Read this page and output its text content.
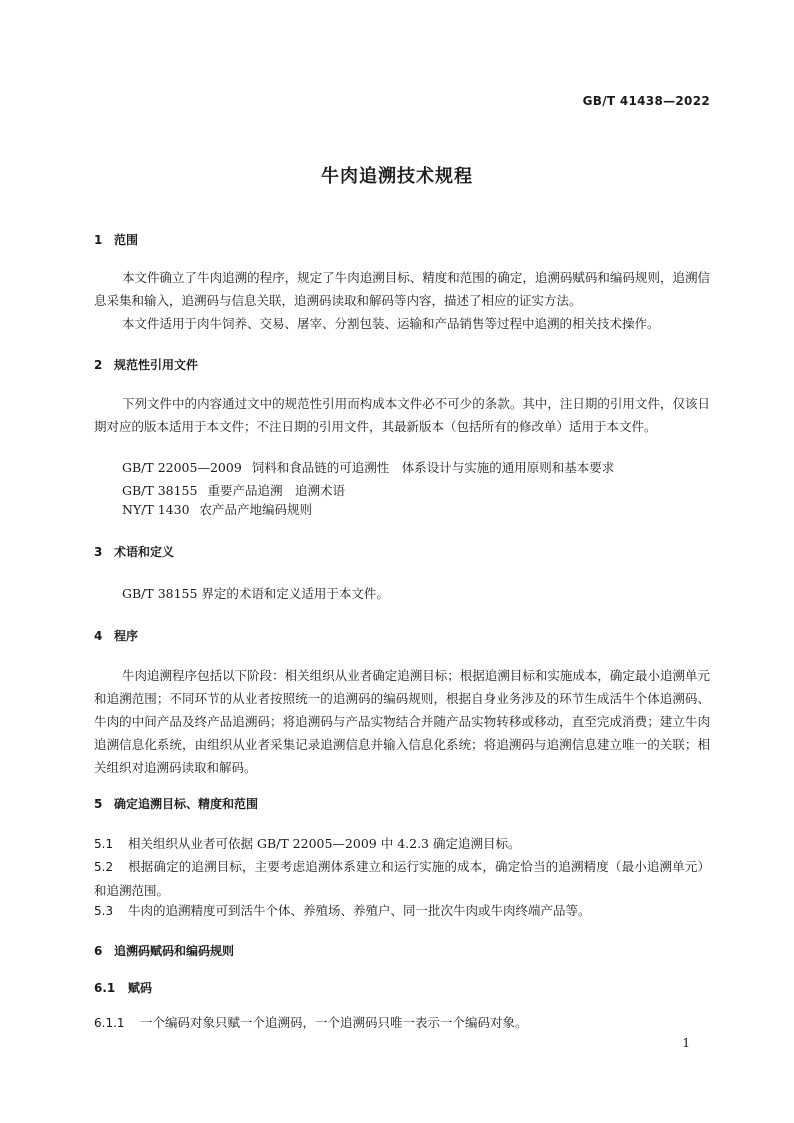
GB/T 41438—2022
牛肉追溯技术规程
1 范围
本文件确立了牛肉追溯的程序，规定了牛肉追溯目标、精度和范围的确定，追溯码赋码和编码规则，追溯信息采集和输入，追溯码与信息关联，追溯码读取和解码等内容，描述了相应的证实方法。
本文件适用于肉牛饲养、交易、屠宰、分割包装、运输和产品销售等过程中追溯的相关技术操作。
2 规范性引用文件
下列文件中的内容通过文中的规范性引用而构成本文件必不可少的条款。其中，注日期的引用文件，仅该日期对应的版本适用于本文件；不注日期的引用文件，其最新版本（包括所有的修改单）适用于本文件。
GB/T 22005—2009 饲料和食品链的可追溯性　体系设计与实施的通用原则和基本要求
GB/T 38155 重要产品追溯　追溯术语
NY/T 1430 农产品产地编码规则
3 术语和定义
GB/T 38155 界定的术语和定义适用于本文件。
4 程序
牛肉追溯程序包括以下阶段：相关组织从业者确定追溯目标；根据追溯目标和实施成本，确定最小追溯单元和追溯范围；不同环节的从业者按照统一的追溯码的编码规则，根据自身业务涉及的环节生成活牛个体追溯码、牛肉的中间产品及终产品追溯码；将追溯码与产品实物结合并随产品实物转移或移动，直至完成消费；建立牛肉追溯信息化系统，由组织从业者采集记录追溯信息并输入信息化系统；将追溯码与追溯信息建立唯一的关联；相关组织对追溯码读取和解码。
5 确定追溯目标、精度和范围
5.1 相关组织从业者可依据 GB/T 22005—2009 中 4.2.3 确定追溯目标。
5.2 根据确定的追溯目标，主要考虑追溯体系建立和运行实施的成本，确定恰当的追溯精度（最小追溯单元）和追溯范围。
5.3 牛肉的追溯精度可到活牛个体、养殖场、养殖户、同一批次牛肉或牛肉终端产品等。
6 追溯码赋码和编码规则
6.1 赋码
6.1.1 一个编码对象只赋一个追溯码，一个追溯码只唯一表示一个编码对象。
1
